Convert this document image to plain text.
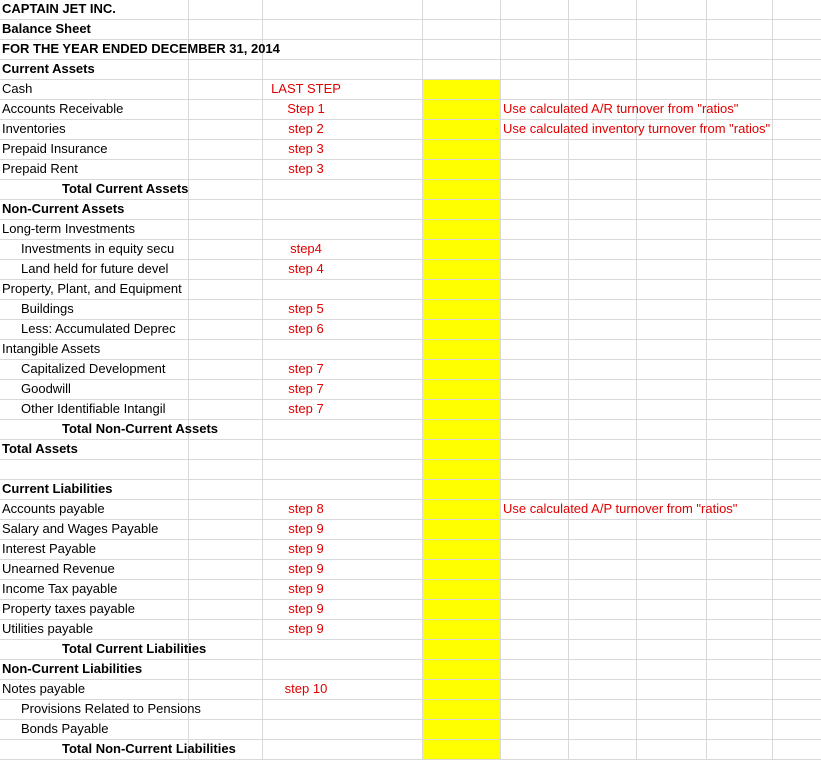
CAPTAIN JET INC.
Balance Sheet
FOR THE YEAR ENDED DECEMBER 31, 2014
Current Assets
Cash	LAST STEP
Accounts Receivable	Step 1	Use calculated A/R turnover from "ratios"
Inventories	step 2	Use calculated inventory turnover from "ratios"
Prepaid Insurance	step 3
Prepaid Rent	step 3
Total Current Assets
Non-Current Assets
Long-term Investments
Investments in equity secu	step4
Land held for future devel	step 4
Property, Plant, and Equipment
Buildings	step 5
Less: Accumulated Deprec	step 6
Intangible Assets
Capitalized Development	step 7
Goodwill	step 7
Other Identifiable Intangil	step 7
Total Non-Current Assets
Total Assets
Current Liabilities
Accounts payable	step 8	Use calculated A/P turnover from "ratios"
Salary and Wages Payable	step 9
Interest Payable	step 9
Unearned Revenue	step 9
Income Tax payable	step 9
Property taxes payable	step 9
Utilities payable	step 9
Total Current Liabilities
Non-Current Liabilities
Notes payable	step 10
Provisions Related to Pensions
Bonds Payable
Total Non-Current Liabilities
